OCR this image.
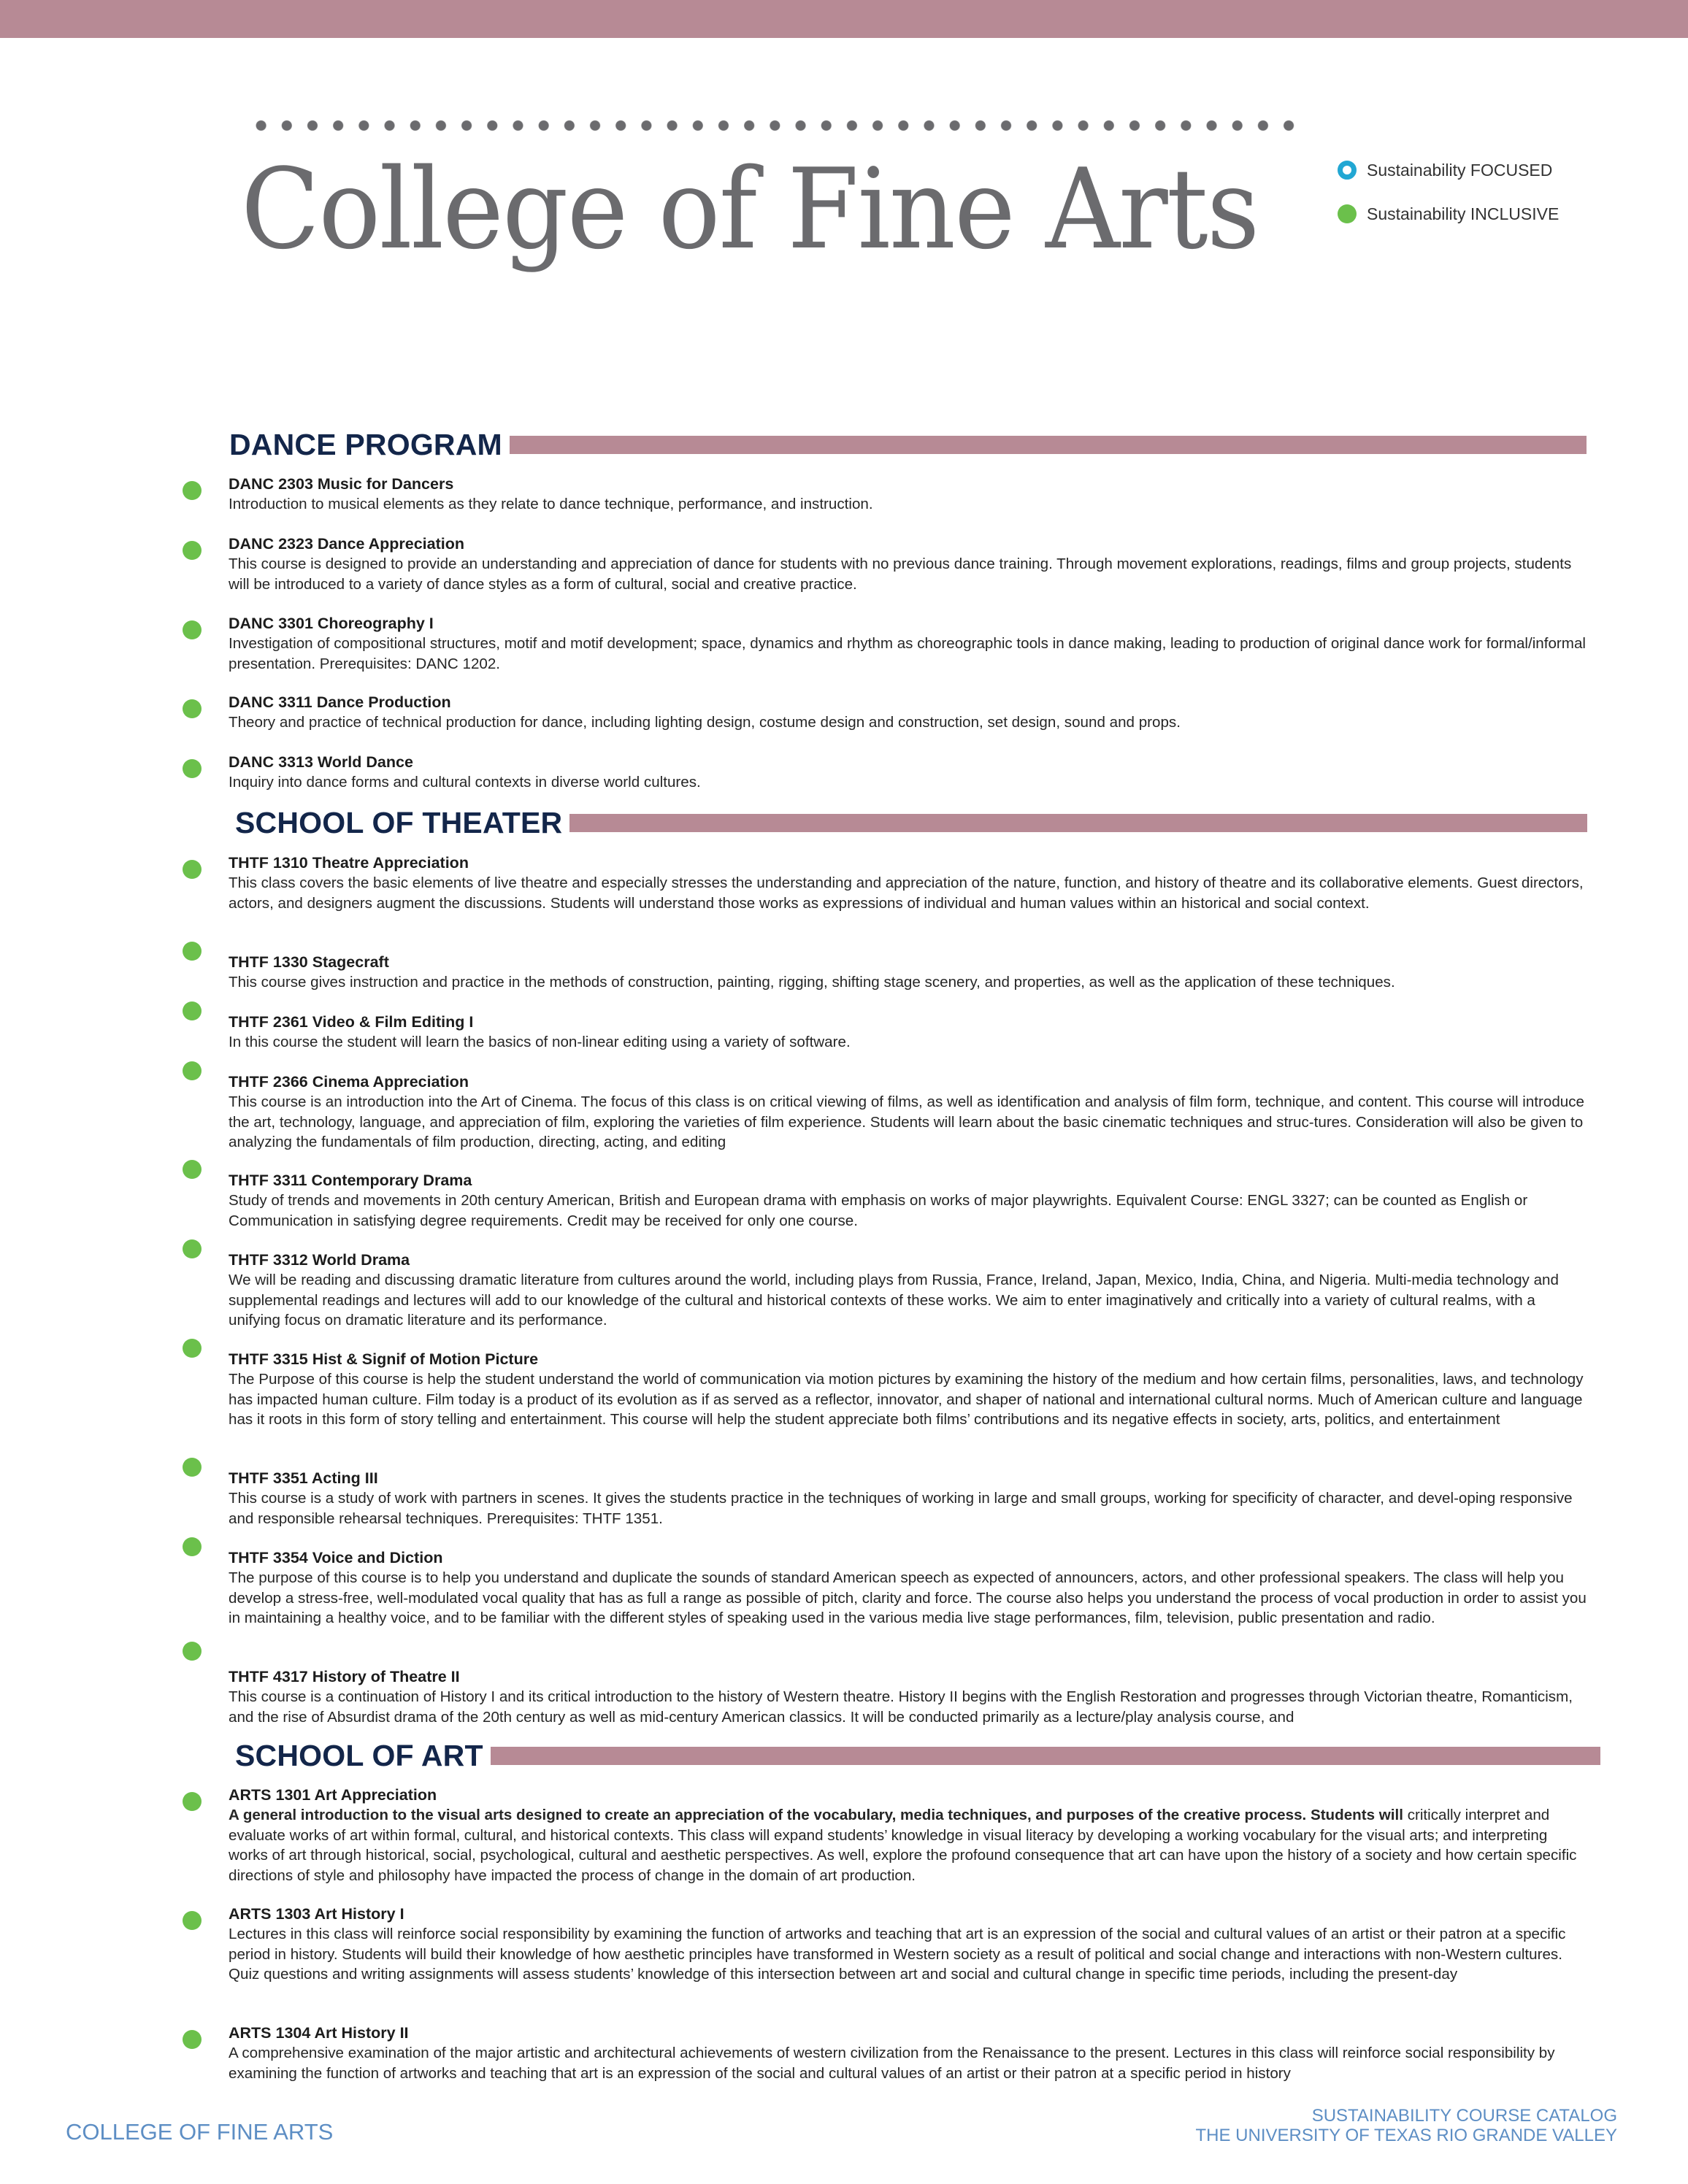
College of Fine Arts	Sustainability FOCUSED
Sustainability INCLUSIVE
DANCE PROGRAM
DANC 2303 Music for Dancers
Introduction to musical elements as they relate to dance technique, performance, and instruction.
DANC 2323 Dance Appreciation
This course is designed to provide an understanding and appreciation of dance for students with no previous dance training. Through movement explorations, readings, films and group projects, students will be introduced to a variety of dance styles as a form of cultural, social and creative practice.
DANC 3301 Choreography I
Investigation of compositional structures, motif and motif development; space, dynamics and rhythm as choreographic tools in dance making, leading to production of original dance work for formal/informal presentation. Prerequisites: DANC 1202.
DANC 3311 Dance Production
Theory and practice of technical production for dance, including lighting design, costume design and construction, set design, sound and props.
DANC 3313 World Dance
Inquiry into dance forms and cultural contexts in diverse world cultures.
SCHOOL OF THEATER
THTF 1310 Theatre Appreciation
This class covers the basic elements of live theatre and especially stresses the understanding and appreciation of the nature, function, and history of theatre and its collaborative elements. Guest directors, actors, and designers augment the discussions. Students will understand those works as expressions of individual and human values within an historical and social context.
THTF 1330 Stagecraft
This course gives instruction and practice in the methods of construction, painting, rigging, shifting stage scenery, and properties, as well as the application of these techniques.
THTF 2361 Video & Film Editing I
In this course the student will learn the basics of non-linear editing using a variety of software.
THTF 2366 Cinema Appreciation
This course is an introduction into the Art of Cinema. The focus of this class is on critical viewing of films, as well as identification and analysis of film form, technique, and content. This course will introduce the art, technology, language, and appreciation of film, exploring the varieties of film experience. Students will learn about the basic cinematic techniques and struc-tures. Consideration will also be given to analyzing the fundamentals of film production, directing, acting, and editing
THTF 3311 Contemporary Drama
Study of trends and movements in 20th century American, British and European drama with emphasis on works of major playwrights. Equivalent Course: ENGL 3327; can be counted as English or Communication in satisfying degree requirements. Credit may be received for only one course.
THTF 3312 World Drama
We will be reading and discussing dramatic literature from cultures around the world, including plays from Russia, France, Ireland, Japan, Mexico, India, China, and Nigeria. Multi-media technology and supplemental readings and lectures will add to our knowledge of the cultural and historical contexts of these works. We aim to enter imaginatively and critically into a variety of cultural realms, with a unifying focus on dramatic literature and its performance.
THTF 3315 Hist & Signif of Motion Picture
The Purpose of this course is help the student understand the world of communication via motion pictures by examining the history of the medium and how certain films, personalities, laws, and technology has impacted human culture. Film today is a product of its evolution as if as served as a reflector, innovator, and shaper of national and international cultural norms. Much of American culture and language has it roots in this form of story telling and entertainment. This course will help the student appreciate both films’ contributions and its negative effects in society, arts, politics, and entertainment
THTF 3351 Acting III
This course is a study of work with partners in scenes. It gives the students practice in the techniques of working in large and small groups, working for specificity of character, and devel-oping responsive and responsible rehearsal techniques. Prerequisites: THTF 1351.
THTF 3354 Voice and Diction
The purpose of this course is to help you understand and duplicate the sounds of standard American speech as expected of announcers, actors, and other professional speakers. The class will help you develop a stress-free, well-modulated vocal quality that has as full a range as possible of pitch, clarity and force. The course also helps you understand the process of vocal production in order to assist you in maintaining a healthy voice, and to be familiar with the different styles of speaking used in the various media live stage performances, film, television, public presentation and radio.
THTF 4317 History of Theatre II
This course is a continuation of History I and its critical introduction to the history of Western theatre. History II begins with the English Restoration and progresses through Victorian theatre, Romanticism, and the rise of Absurdist drama of the 20th century as well as mid-century American classics. It will be conducted primarily as a lecture/play analysis course, and
SCHOOL OF ART
ARTS 1301 Art Appreciation
A general introduction to the visual arts designed to create an appreciation of the vocabulary, media techniques, and purposes of the creative process. Students will critically interpret and evaluate works of art within formal, cultural, and historical contexts. This class will expand students’ knowledge in visual literacy by developing a working vocabulary for the visual arts; and interpreting works of art through historical, social, psychological, cultural and aesthetic perspectives. As well, explore the profound consequence that art can have upon the history of a society and how certain specific directions of style and philosophy have impacted the process of change in the domain of art production.
ARTS 1303 Art History I
Lectures in this class will reinforce social responsibility by examining the function of artworks and teaching that art is an expression of the social and cultural values of an artist or their patron at a specific period in history. Students will build their knowledge of how aesthetic principles have transformed in Western society as a result of political and social change and interactions with non-Western cultures. Quiz questions and writing assignments will assess students’ knowledge of this intersection between art and social and cultural change in specific time periods, including the present-day
ARTS 1304 Art History II
A comprehensive examination of the major artistic and architectural achievements of western civilization from the Renaissance to the present. Lectures in this class will reinforce social responsibility by examining the function of artworks and teaching that art is an expression of the social and cultural values of an artist or their patron at a specific period in history
COLLEGE OF FINE ARTS
SUSTAINABILITY COURSE CATALOG
THE UNIVERSITY OF TEXAS RIO GRANDE VALLEY
